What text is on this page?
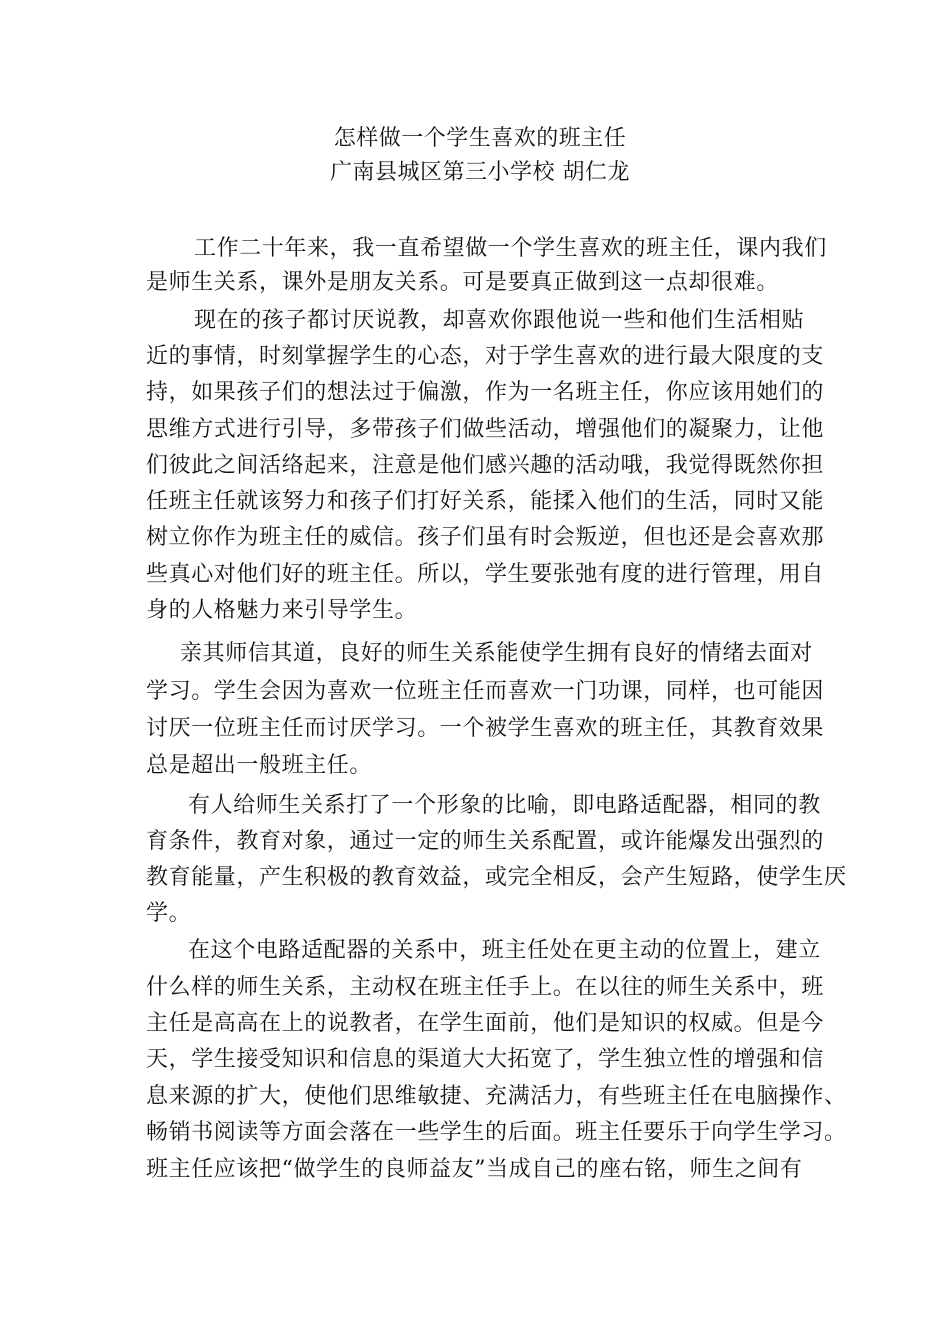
怎样做一个学生喜欢的班主任
广南县城区第三小学校 胡仁龙
工作二十年来，我一直希望做一个学生喜欢的班主任，课内我们
是师生关系，课外是朋友关系。可是要真正做到这一点却很难。
现在的孩子都讨厌说教，却喜欢你跟他说一些和他们生活相贴
近的事情，时刻掌握学生的心态，对于学生喜欢的进行最大限度的支
持，如果孩子们的想法过于偏激，作为一名班主任，你应该用她们的
思维方式进行引导，多带孩子们做些活动，增强他们的凝聚力，让他
们彼此之间活络起来，注意是他们感兴趣的活动哦，我觉得既然你担
任班主任就该努力和孩子们打好关系，能揉入他们的生活，同时又能
树立你作为班主任的威信。孩子们虽有时会叛逆，但也还是会喜欢那
些真心对他们好的班主任。所以，学生要张弛有度的进行管理，用自
身的人格魅力来引导学生。
亲其师信其道，良好的师生关系能使学生拥有良好的情绪去面对
学习。学生会因为喜欢一位班主任而喜欢一门功课，同样，也可能因
讨厌一位班主任而讨厌学习。一个被学生喜欢的班主任，其教育效果
总是超出一般班主任。
有人给师生关系打了一个形象的比喻，即电路适配器，相同的教
育条件，教育对象，通过一定的师生关系配置，或许能爆发出强烈的
教育能量，产生积极的教育效益，或完全相反，会产生短路，使学生厌
学。
在这个电路适配器的关系中，班主任处在更主动的位置上，建立
什么样的师生关系，主动权在班主任手上。在以往的师生关系中，班
主任是高高在上的说教者，在学生面前，他们是知识的权威。但是今
天，学生接受知识和信息的渠道大大拓宽了，学生独立性的增强和信
息来源的扩大，使他们思维敏捷、充满活力，有些班主任在电脑操作、
畅销书阅读等方面会落在一些学生的后面。班主任要乐于向学生学习。
班主任应该把“做学生的良师益友”当成自己的座右铭，师生之间有
